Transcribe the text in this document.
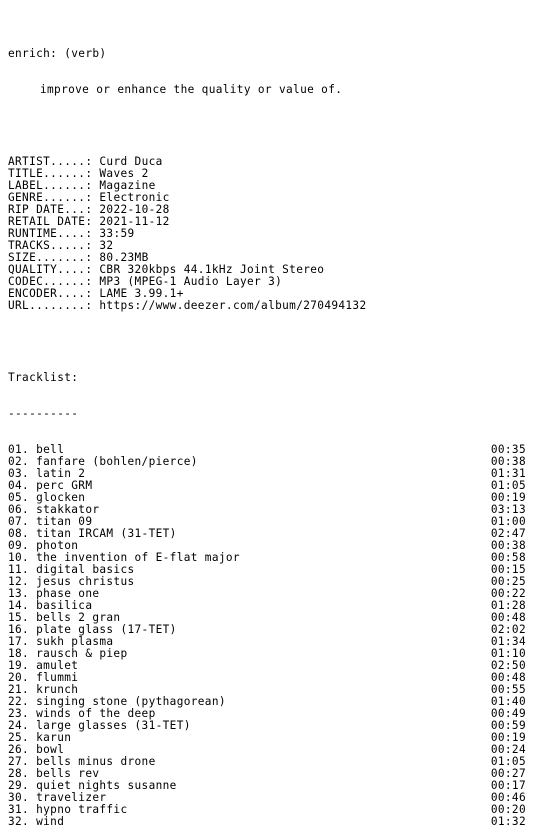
enrich: (verb)

improve or enhance the quality or value of.

ARTIST.....: Curd Duca
TITLE......: Waves 2
LABEL......: Magazine
GENRE......: Electronic
RIP DATE...: 2022-10-28
RETAIL DATE: 2021-11-12
RUNTIME....: 33:59
TRACKS.....: 32
SIZE.......: 80.23MB
QUALITY....: CBR 320kbps 44.1kHz Joint Stereo
CODEC......: MP3 (MPEG-1 Audio Layer 3)
ENCODER....: LAME 3.99.1+
URL........: https://www.deezer.com/album/270494132

Tracklist:

----------

01. bell	00:35
02. fanfare (bohlen/pierce)	00:38
03. latin 2	01:31
04. perc GRM	01:05
05. glocken	00:19
06. stakkator	03:13
07. titan 09	01:00
08. titan IRCAM (31-TET)	02:47
09. photon	00:38
10. the invention of E-flat major	00:58
11. digital basics	00:15
12. jesus christus	00:25
13. phase one	00:22
14. basilica	01:28
15. bells 2 gran	00:48
16. plate glass (17-TET)	02:02
17. sukh plasma	01:34
18. rausch & piep	01:10
19. amulet	02:50
20. flummi	00:48
21. krunch	00:55
22. singing stone (pythagorean)	01:40
23. winds of the deep	00:49
24. large glasses (31-TET)	00:59
25. karun	00:19
26. bowl	00:24
27. bells minus drone	01:05
28. bells rev	00:27
29. quiet nights susanne	00:17
30. travelizer	00:46
31. hypno traffic	00:20
32. wind	01:32
